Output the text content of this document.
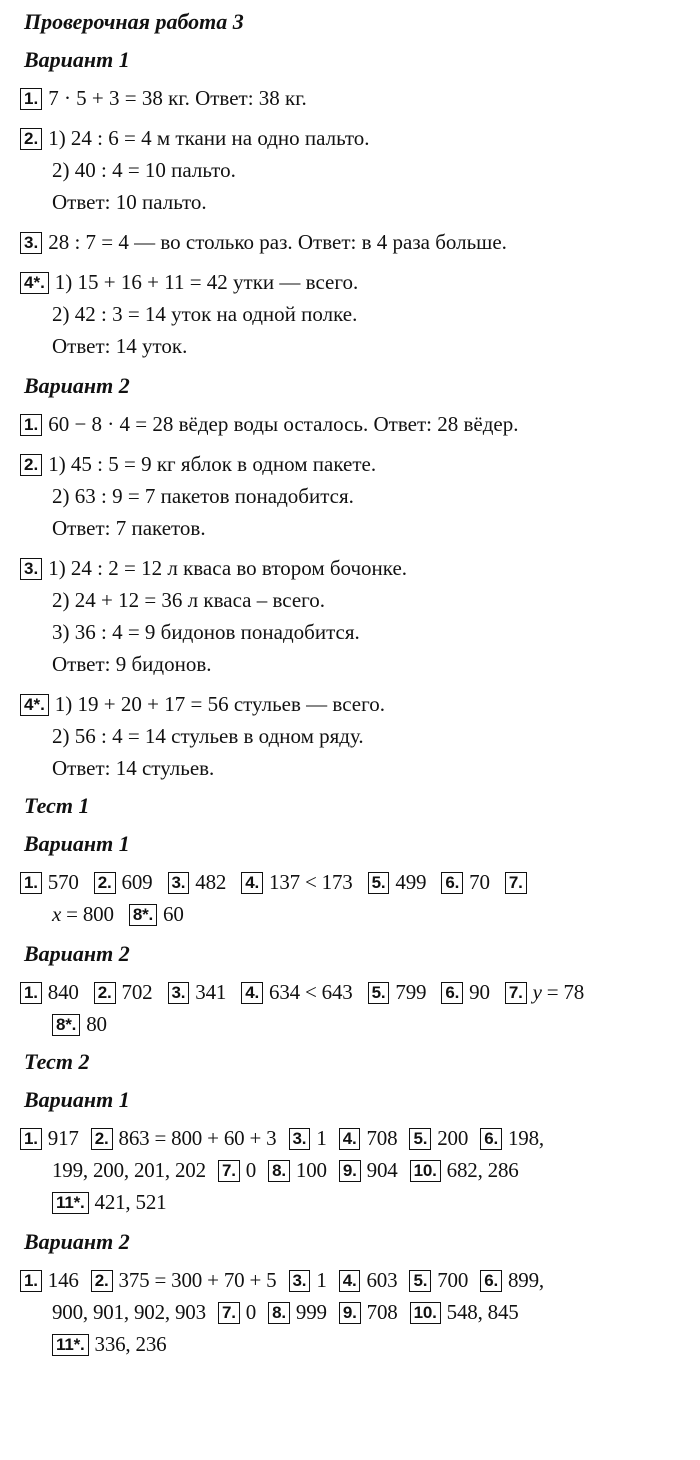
Проверочная работа 3
Вариант 1
1. 7 · 5 + 3 = 38 кг. Ответ: 38 кг.
2. 1) 24 : 6 = 4 м ткани на одно пальто.
2) 40 : 4 = 10 пальто.
Ответ: 10 пальто.
3. 28 : 7 = 4 — во столько раз. Ответ: в 4 раза больше.
4*. 1) 15 + 16 + 11 = 42 утки — всего.
2) 42 : 3 = 14 уток на одной полке.
Ответ: 14 уток.
Вариант 2
1. 60 − 8 · 4 = 28 вёдер воды осталось. Ответ: 28 вёдер.
2. 1) 45 : 5 = 9 кг яблок в одном пакете.
2) 63 : 9 = 7 пакетов понадобится.
Ответ: 7 пакетов.
3. 1) 24 : 2 = 12 л кваса во втором бочонке.
2) 24 + 12 = 36 л кваса – всего.
3) 36 : 4 = 9 бидонов понадобится.
Ответ: 9 бидонов.
4*. 1) 19 + 20 + 17 = 56 стульев — всего.
2) 56 : 4 = 14 стульев в одном ряду.
Ответ: 14 стульев.
Тест 1
Вариант 1
1. 570 2. 609 3. 482 4. 137 < 173 5. 499 6. 70 7.
x = 800 8*. 60
Вариант 2
1. 840 2. 702 3. 341 4. 634 < 643 5. 799 6. 90 7. y = 78
8*. 80
Тест 2
Вариант 1
1. 917 2. 863 = 800 + 60 + 3 3. 1 4. 708 5. 200 6. 198,
199, 200, 201, 202 7. 0 8. 100 9. 904 10. 682, 286
11*. 421, 521
Вариант 2
1. 146 2. 375 = 300 + 70 + 5 3. 1 4. 603 5. 700 6. 899,
900, 901, 902, 903 7. 0 8. 999 9. 708 10. 548, 845
11*. 336, 236
